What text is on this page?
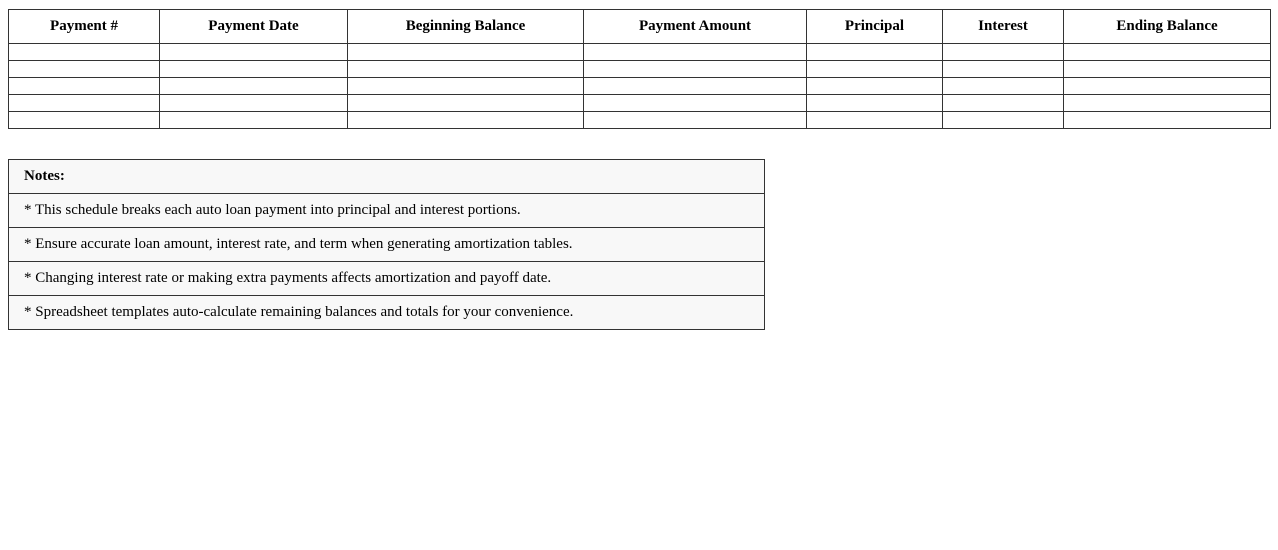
Payment #	Payment Date	Beginning Balance	Payment Amount	Principal	Interest	Ending Balance

Notes:
* This schedule breaks each auto loan payment into principal and interest portions.
* Ensure accurate loan amount, interest rate, and term when generating amortization tables.
* Changing interest rate or making extra payments affects amortization and payoff date.
* Spreadsheet templates auto-calculate remaining balances and totals for your convenience.
